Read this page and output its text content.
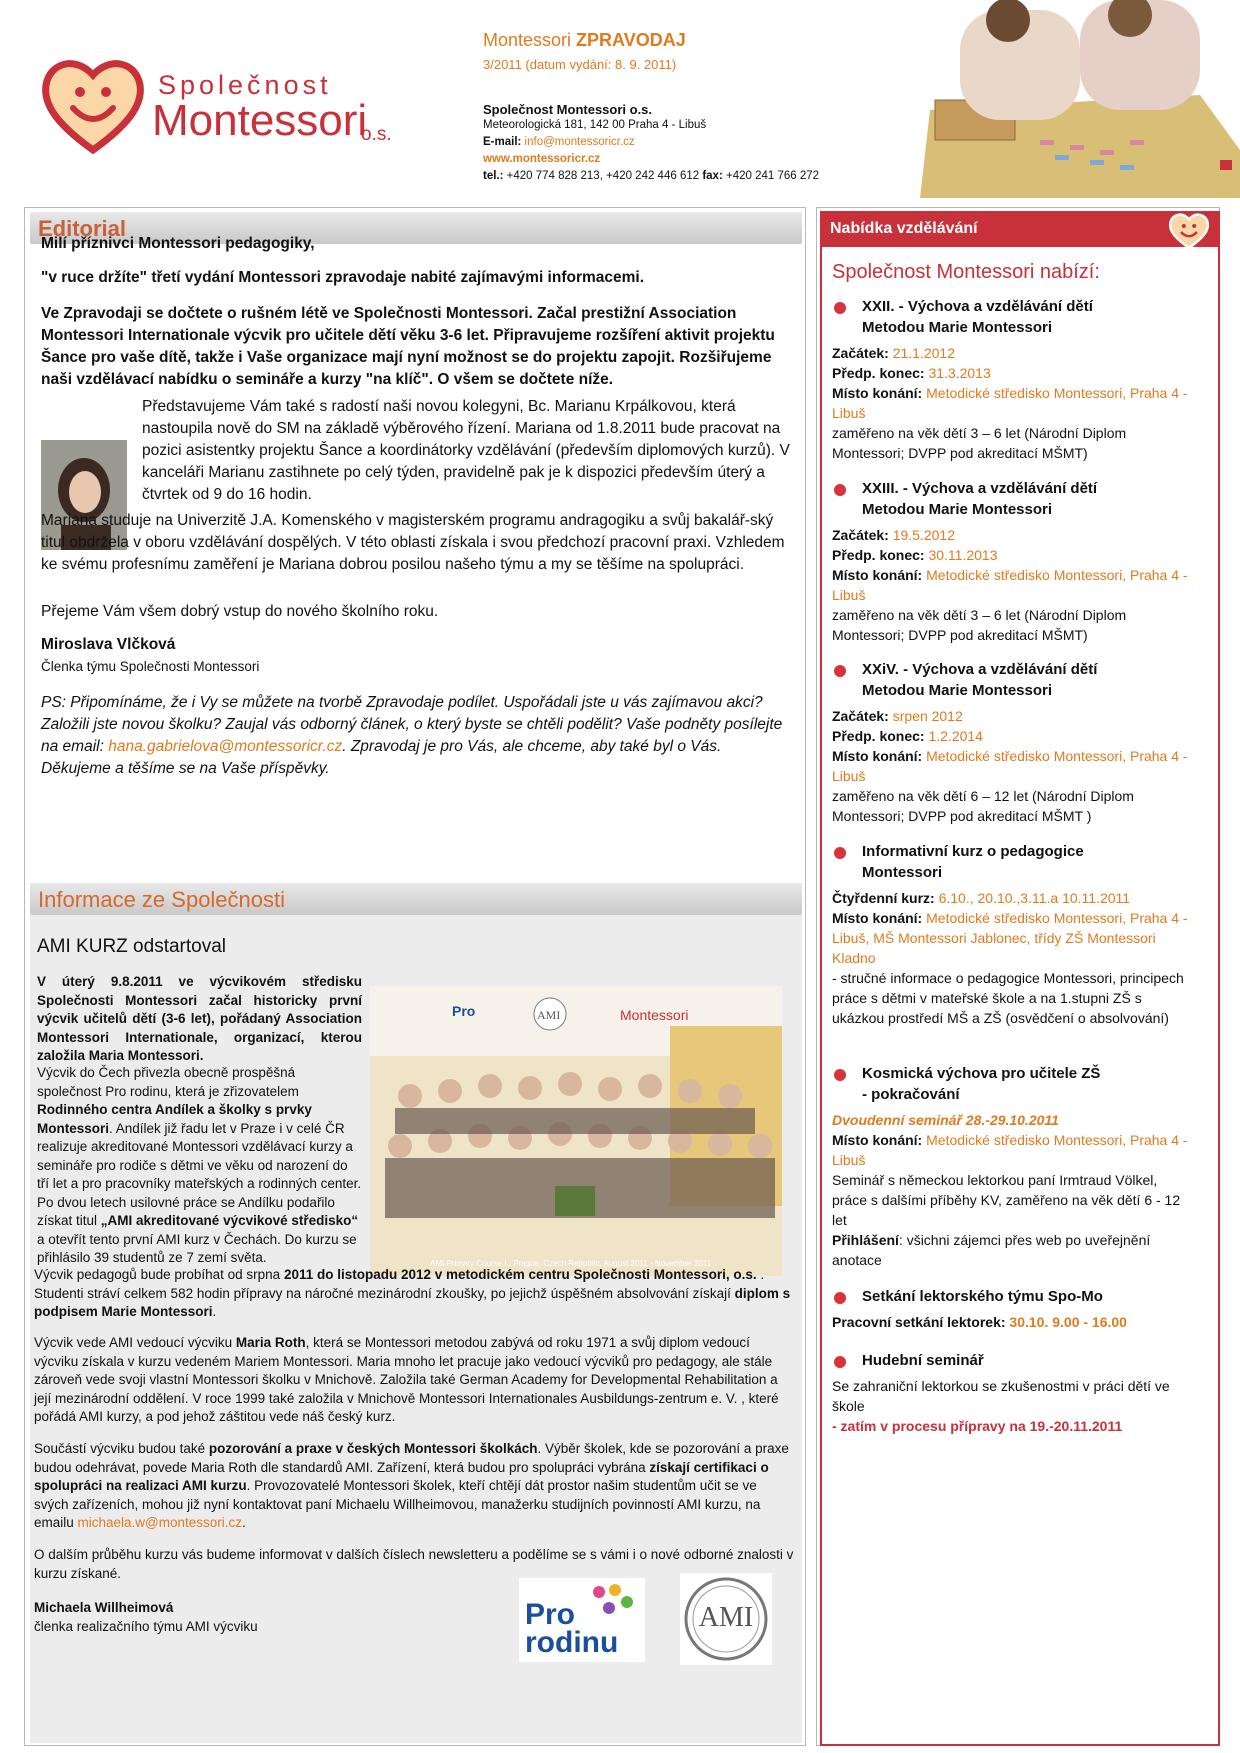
Společnost
Montessori
o.s.
Montessori ZPRAVODAJ
3/2011 (datum vydání: 8. 9. 2011)
Společnost Montessori o.s.
Meteorologická 181, 142 00 Praha 4 - Libuš
E-mail: info@montessoricr.cz
www.montessoricr.cz
tel.: +420 774 828 213, +420 242 446 612 fax: +420 241 766 272
Editorial
Milí příznivci Montessori pedagogiky,
"v ruce držíte" třetí vydání Montessori zpravodaje nabité zajímavými informacemi.
Ve Zpravodaji se dočtete o rušném létě ve Společnosti Montessori. Začal prestižní Association Montessori Internationale výcvik pro učitele dětí věku 3-6 let. Připravujeme rozšíření aktivit projektu Šance pro vaše dítě, takže i Vaše organizace mají nyní možnost se do projektu zapojit. Rozšiřujeme naši vzdělávací nabídku o semináře a kurzy "na klíč". O všem se dočtete níže.
Představujeme Vám také s radostí naši novou kolegyni, Bc. Marianu Krpálkovou, která nastoupila nově do SM na základě výběrového řízení. Mariana od 1.8.2011 bude pracovat na pozici asistentky projektu Šance a koordinátorky vzdělávání (především diplomových kurzů). V kanceláři Marianu zastihnete po celý týden, pravidelně pak je k dispozici především úterý a čtvrtek od 9 do 16 hodin.
Mariana studuje na Univerzitě J.A. Komenského v magisterském programu andragogiku a svůj bakalář-ský titul obdržela v oboru vzdělávání dospělých. V této oblasti získala i svou předchozí pracovní praxi. Vzhledem ke svému profesnímu zaměření je Mariana dobrou posilou našeho týmu a my se těšíme na spolupráci.
Přejeme Vám všem dobrý vstup do nového školního roku.
Miroslava Vlčková
Členka týmu Společnosti Montessori
PS: Připomínáme, že i Vy se můžete na tvorbě Zpravodaje podílet. Uspořádali jste u vás zajímavou akci? Založili jste novou školku? Zaujal vás odborný článek, o který byste se chtěli podělit? Vaše podněty posílejte na email: hana.gabrielova@montessoricr.cz. Zpravodaj je pro Vás, ale chceme, aby také byl o Vás. Děkujeme a těšíme se na Vaše příspěvky.
Informace ze Společnosti
AMI KURZ odstartoval
V úterý 9.8.2011 ve výcvikovém středisku Společnosti Montessori začal historicky první výcvik učitelů dětí (3-6 let), pořádaný Association Montessori Internationale, organizací, kterou založila Maria Montessori.
Výcvik do Čech přivezla obecně prospěšná společnost Pro rodinu, která je zřizovatelem Rodinného centra Andílek a školky s prvky Montessori. Andílek již řadu let v Praze i v celé ČR realizuje akreditované Montessori vzdělávací kurzy a semináře pro rodiče s dětmi ve věku od narození do tří let a pro pracovníky mateřských a rodinných center. Po dvou letech usilovné práce se Andílku podařilo získat titul „AMI akreditované výcvikové středisko“ a otevřít tento první AMI kurz v Čechách. Do kurzu se přihlásilo 39 studentů ze 7 zemí světa.	AMI Primary Course I., Prague, Czech Republic, August 2011 - November 2011
Pro	AMI	Montessori
Výcvik pedagogů bude probíhat od srpna 2011 do listopadu 2012 v metodickém centru Společnosti Montessori, o.s. . Studenti stráví celkem 582 hodin přípravy na náročné mezinárodní zkoušky, po jejichž úspěšném absolvování získají diplom s podpisem Marie Montessori.
Výcvik vede AMI vedoucí výcviku Maria Roth, která se Montessori metodou zabývá od roku 1971 a svůj diplom vedoucí výcviku získala v kurzu vedeném Mariem Montessori. Maria mnoho let pracuje jako vedoucí výcviků pro pedagogy, ale stále zároveň vede svoji vlastní Montessori školku v Mnichově. Založila také German Academy for Developmental Rehabilitation a její mezinárodní oddělení. V roce 1999 také založila v Mnichově Montessori Internationales Ausbildungs-zentrum e. V. , které pořádá AMI kurzy, a pod jehož záštitou vede náš český kurz.
Součástí výcviku budou také pozorování a praxe v českých Montessori školkách. Výběr školek, kde se pozorování a praxe budou odehrávat, povede Maria Roth dle standardů AMI. Zařízení, která budou pro spolupráci vybrána získají certifikaci o spolupráci na realizaci AMI kurzu. Provozovatelé Montessori školek, kteří chtějí dát prostor našim studentům učit se ve svých zařízeních, mohou již nyní kontaktovat paní Michaelu Willheimovou, manažerku studijních povinností AMI kurzu, na emailu michaela.w@montessori.cz.
O dalším průběhu kurzu vás budeme informovat v dalších číslech newsletteru a podělíme se s vámi i o nové odborné znalosti v kurzu získané.
Michaela Willheimová
členka realizačního týmu AMI výcviku	Pro
rodinu
AMI
Nabídka vzdělávání
Společnost Montessori nabízí:
XXII. - Výchova a vzdělávání dětí
Metodou Marie Montessori
Začátek: 21.1.2012
Předp. konec: 31.3.2013
Místo konání: Metodické středisko Montessori, Praha 4 - Libuš
zaměřeno na věk dětí 3 – 6 let (Národní Diplom Montessori; DVPP pod akreditací MŠMT)
XXIII. - Výchova a vzdělávání dětí
Metodou Marie Montessori
Začátek: 19.5.2012
Předp. konec: 30.11.2013
Místo konání: Metodické středisko Montessori, Praha 4 - Libuš
zaměřeno na věk dětí 3 – 6 let (Národní Diplom Montessori; DVPP pod akreditací MŠMT)
XXiV. - Výchova a vzdělávání dětí
Metodou Marie Montessori
Začátek: srpen 2012
Předp. konec: 1.2.2014
Místo konání: Metodické středisko Montessori, Praha 4 - Libuš
zaměřeno na věk dětí 6 – 12 let (Národní Diplom Montessori; DVPP pod akreditací MŠMT )
Informativní kurz o pedagogice
Montessori
Čtyřdenní kurz: 6.10., 20.10.,3.11.a 10.11.2011
Místo konání: Metodické středisko Montessori, Praha 4 - Libuš, MŠ Montessori Jablonec, třídy ZŠ Montessori Kladno
- stručné informace o pedagogice Montessori, principech práce s dětmi v mateřské škole a na 1.stupni ZŠ s ukázkou prostředí MŠ a ZŠ (osvědčení o absolvování)
Kosmická výchova pro učitele ZŠ
- pokračování
Dvoudenní seminář 28.-29.10.2011
Místo konání: Metodické středisko Montessori, Praha 4 - Libuš
Seminář s německou lektorkou paní Irmtraud Völkel, práce s dalšími příběhy KV, zaměřeno na věk dětí 6 - 12 let
Přihlášení: všichni zájemci přes web po uveřejnění anotace
Setkání lektorského týmu Spo-Mo
Pracovní setkání lektorek: 30.10. 9.00 - 16.00
Hudební seminář
Se zahraniční lektorkou se zkušenostmi v práci dětí ve škole
- zatím v procesu přípravy na 19.-20.11.2011
